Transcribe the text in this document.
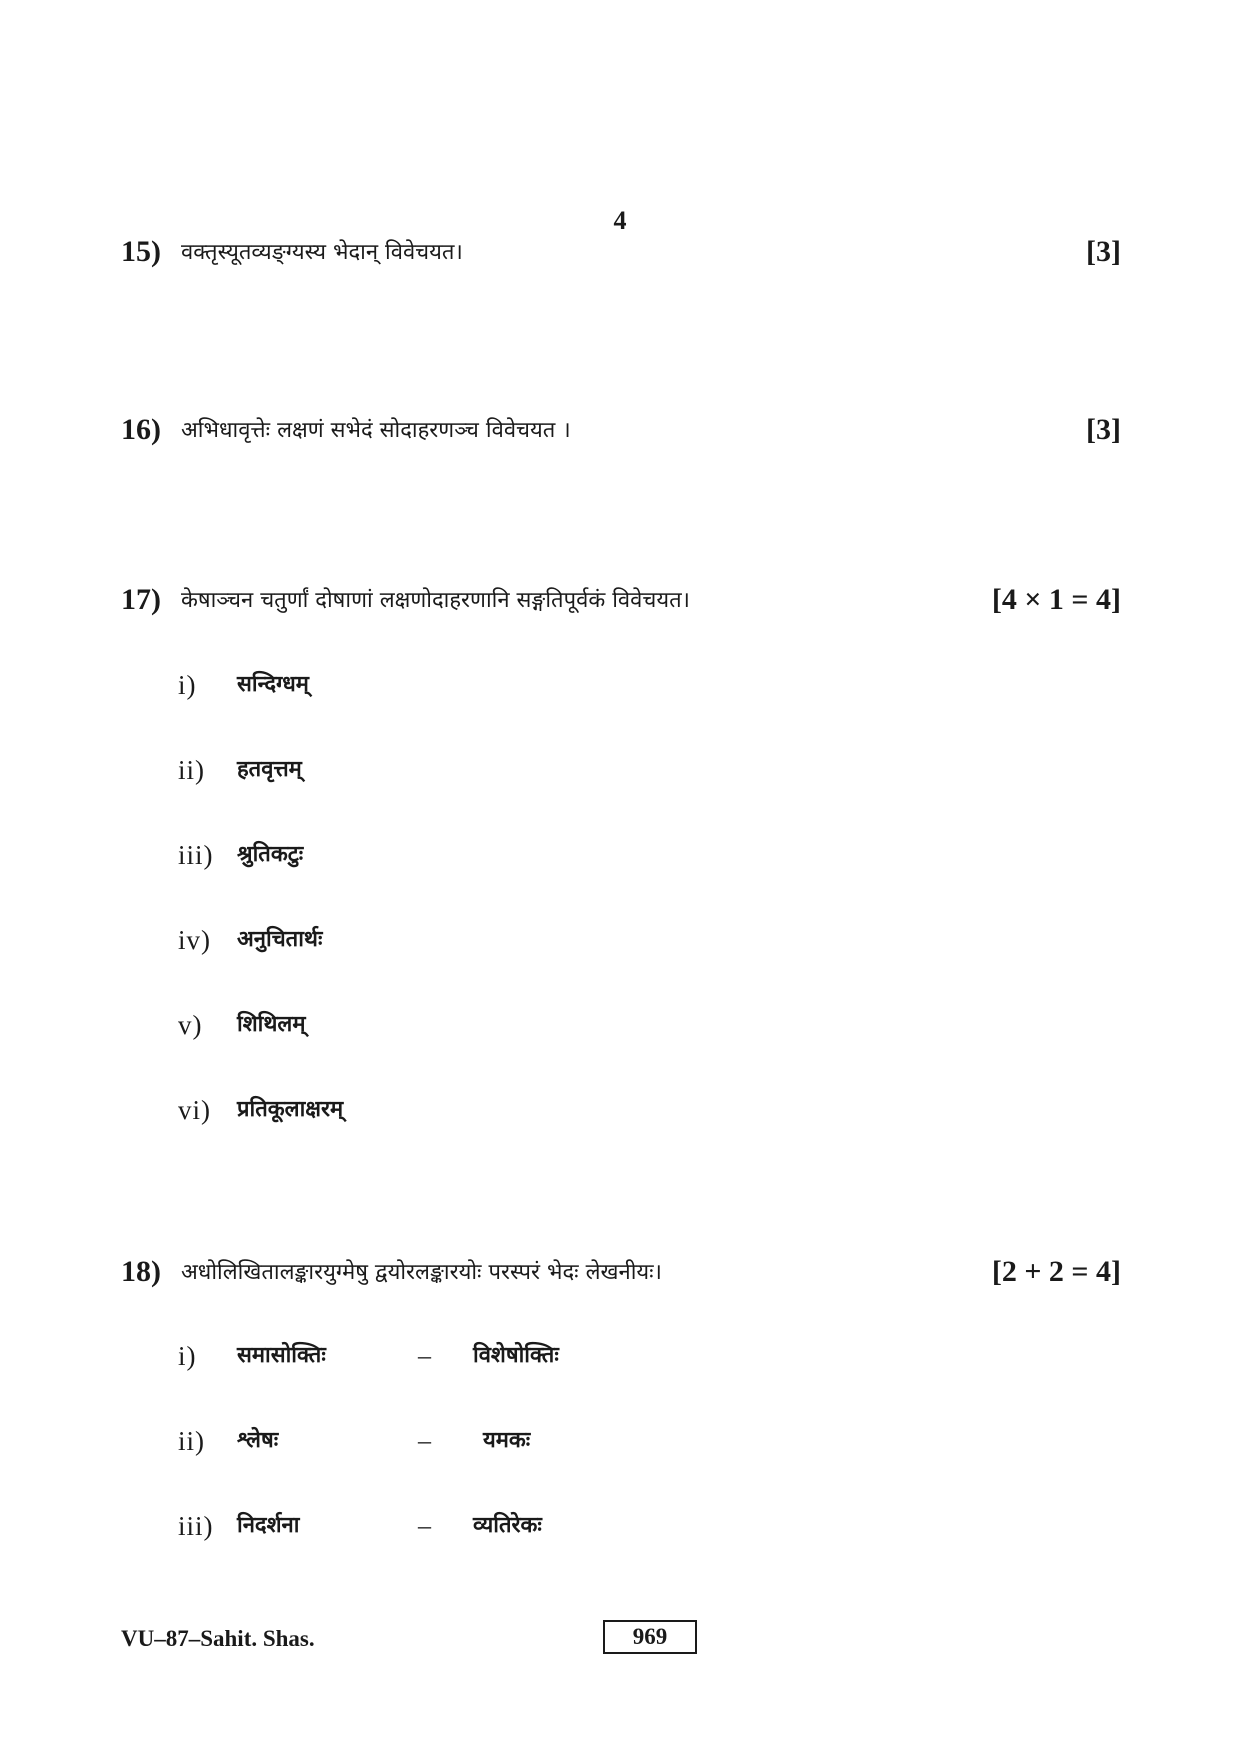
4
15) वक्तृस्यूतव्यङ्ग्यस्य भेदान् विवेचयत।	[3]
16) अभिधावृत्तेः लक्षणं सभेदं सोदाहरणञ्च विवेचयत ।	[3]
17) केषाञ्चन चतुर्णां दोषाणां लक्षणोदाहरणानि सङ्गतिपूर्वकं विवेचयत।	[4 × 1 = 4]
i) सन्दिग्धम्
ii) हतवृत्तम्
iii) श्रुतिकटुः
iv) अनुचितार्थः
v) शिथिलम्
vi) प्रतिकूलाक्षरम्
18) अधोलिखितालङ्कारयुग्मेषु द्वयोरलङ्कारयोः परस्परं भेदः लेखनीयः।	[2 + 2 = 4]
i) समासोक्तिः	– विशेषोक्तिः
ii) श्लेषः	– यमकः
iii) निदर्शना	– व्यतिरेकः
VU–87–Sahit. Shas.	969
